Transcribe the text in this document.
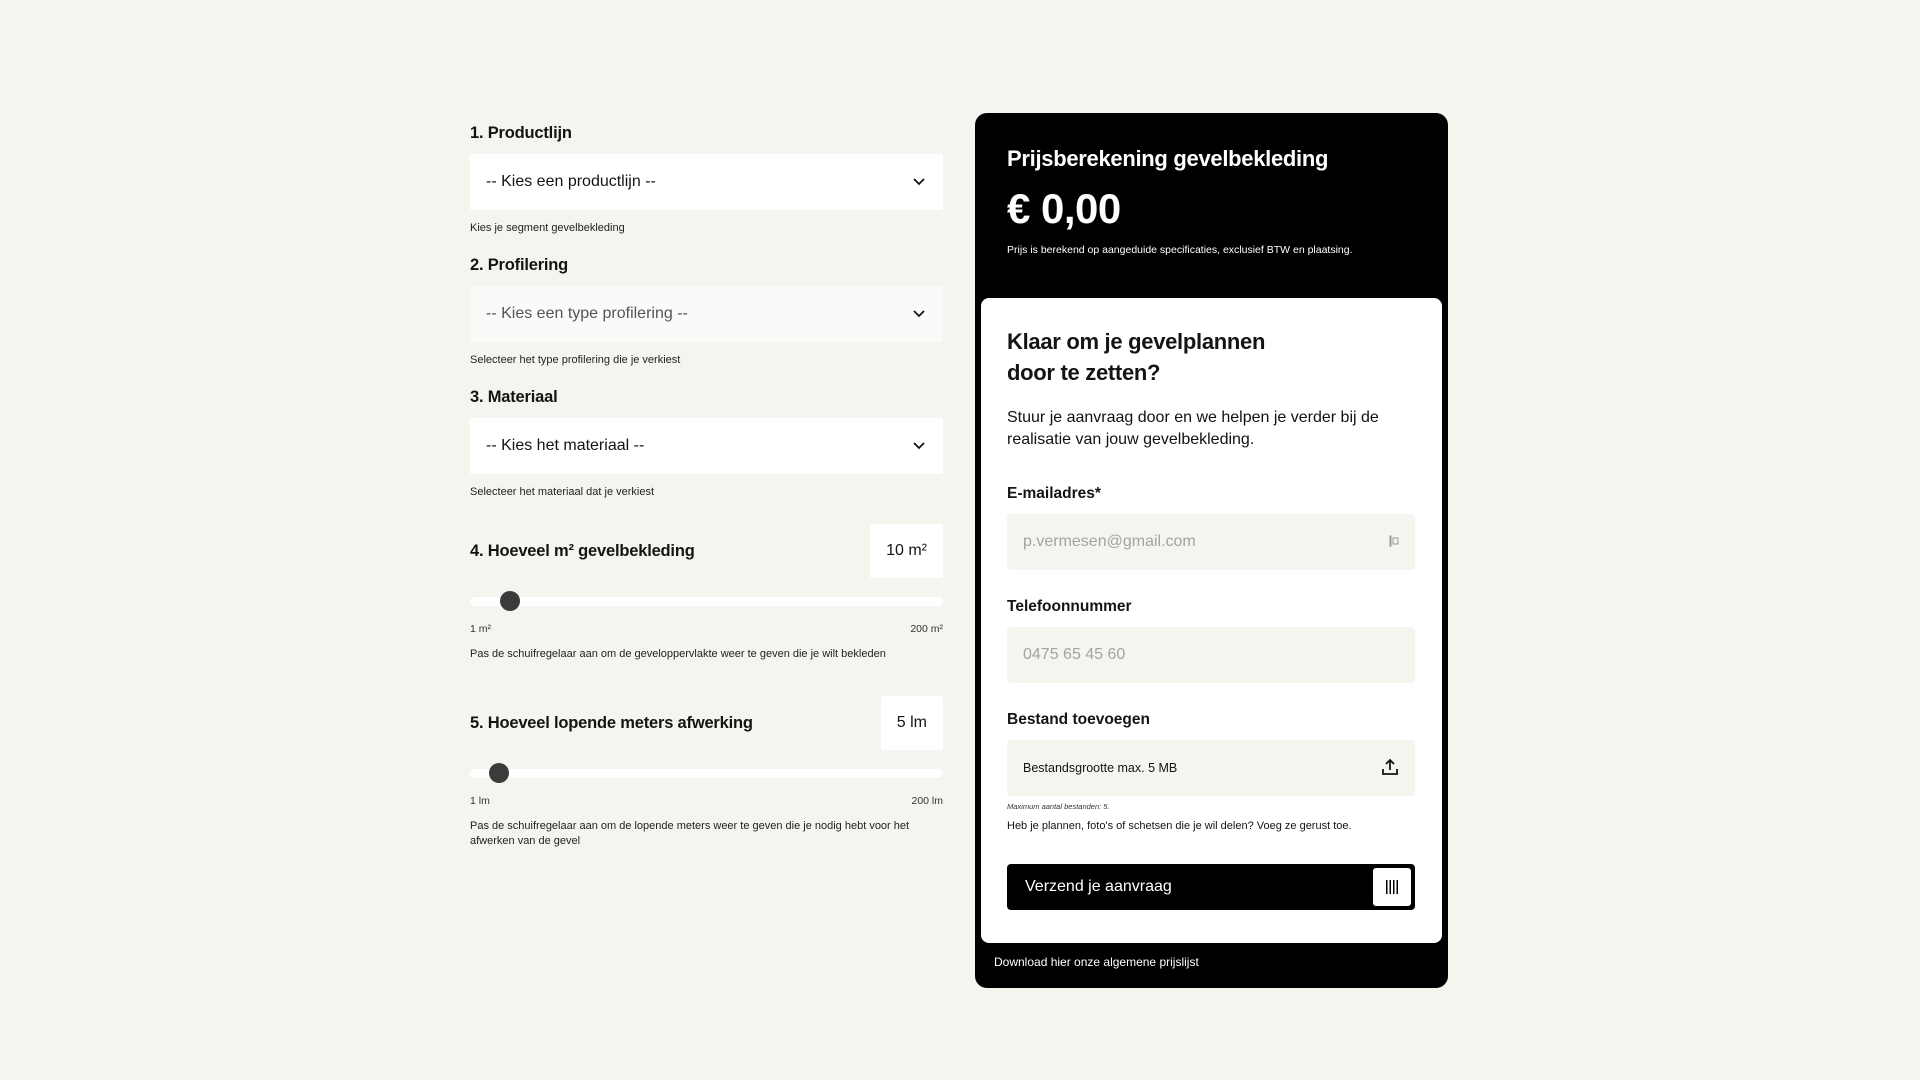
1. Productlijn

-- Kies een productlijn --
Kies je segment gevelbekleding

2. Profilering

-- Kies een type profilering --
Selecteer het type profilering die je verkiest

3. Materiaal

-- Kies het materiaal --
Selecteer het materiaal dat je verkiest

4. Hoeveel m² gevelbekleding	10 m²
1 m²	200 m²
Pas de schuifregelaar aan om de geveloppervlakte weer te geven die je wilt bekleden

5. Hoeveel lopende meters afwerking	5 lm
1 lm	200 lm
Pas de schuifregelaar aan om de lopende meters weer te geven die je nodig hebt voor het afwerken van de gevel
Prijsberekening gevelbekleding
€ 0,00
Prijs is berekend op aangeduide specificaties, exclusief BTW en plaatsing.

Klaar om je gevelplannen door te zetten?

Stuur je aanvraag door en we helpen je verder bij de realisatie van jouw gevelbekleding.
E-mailadres*
p.vermesen@gmail.com
Telefoonnummer
0475 65 45 60
Bestand toevoegen
Bestandsgrootte max. 5 MB
Maximum aantal bestanden: 5.
Heb je plannen, foto's of schetsen die je wil delen? Voeg ze gerust toe.
Verzend je aanvraag
Download hier onze algemene prijslijst
